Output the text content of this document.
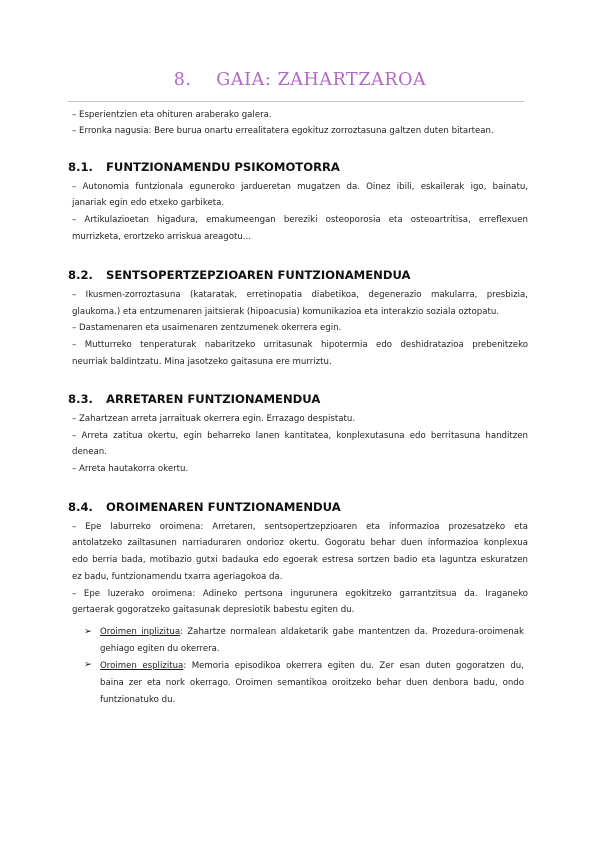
8.    GAIA: ZAHARTZAROA
– Esperientzien eta ohituren araberako galera.
– Erronka nagusia: Bere burua onartu errealitatera egokituz zorroztasuna galtzen duten bitartean.
8.1. FUNTZIONAMENDU PSIKOMOTORRA
– Autonomia funtzionala eguneroko jardueretan mugatzen da. Oinez ibili, eskailerak igo, bainatu,
janariak egin edo etxeko garbiketa.
– Artikulazioetan higadura, emakumeengan bereziki osteoporosia eta osteoartritisa, erreflexuen
murrizketa, erortzeko arriskua areagotu...
8.2. SENTSOPERTZEPZIOAREN FUNTZIONAMENDUA
– Ikusmen-zorroztasuna (kataratak, erretinopatia diabetikoa, degenerazio makularra, presbizia,
glaukoma.) eta entzumenaren jaitsierak (hipoacusia) komunikazioa eta interakzio soziala oztopatu.
– Dastamenaren eta usaimenaren zentzumenek okerrera egin.
– Mutturreko tenperaturak nabaritzeko urritasunak hipotermia edo deshidratazioa prebenitzeko
neurriak baldintzatu. Mina jasotzeko gaitasuna ere murriztu.
8.3. ARRETAREN FUNTZIONAMENDUA
– Zahartzean arreta jarraituak okerrera egin. Errazago despistatu.
– Arreta zatitua okertu, egin beharreko lanen kantitatea, konplexutasuna edo berritasuna handitzen
denean.
– Arreta hautakorra okertu.
8.4. OROIMENAREN FUNTZIONAMENDUA
– Epe laburreko oroimena: Arretaren, sentsopertzepzioaren eta informazioa prozesatzeko eta
antolatzeko zailtasunen narriaduraren ondorioz okertu. Gogoratu behar duen informazioa konplexua
edo berria bada, motibazio gutxi badauka edo egoerak estresa sortzen badio eta laguntza eskuratzen
ez badu, funtzionamendu txarra ageriagokoa da.
– Epe luzerako oroimena: Adineko pertsona ingurunera egokitzeko garrantzitsua da. Iraganeko
gertaerak gogoratzeko gaitasunak depresiotik babestu egiten du.
➢ Oroimen inplizitua: Zahartze normalean aldaketarik gabe mantentzen da. Prozedura-oroimenak
gehiago egiten du okerrera.
➢ Oroimen esplizitua: Memoria episodikoa okerrera egiten du. Zer esan duten gogoratzen du,
baina zer eta nork okerrago. Oroimen semantikoa oroitzeko behar duen denbora badu, ondo
funtzionatuko du.
